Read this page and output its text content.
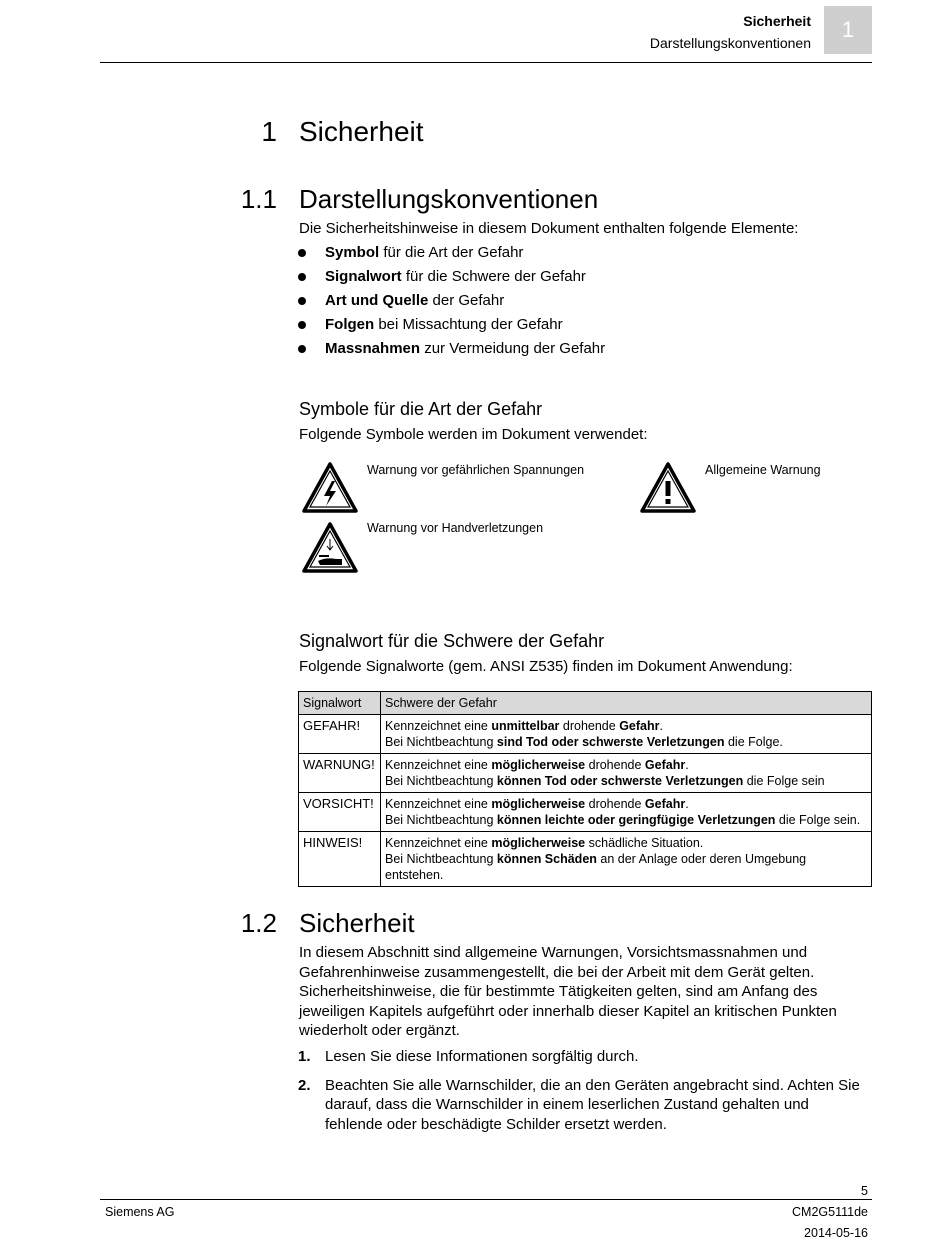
Sicherheit
Darstellungskonventionen
1
1 Sicherheit
1.1 Darstellungskonventionen
Die Sicherheitshinweise in diesem Dokument enthalten folgende Elemente:
Symbol für die Art der Gefahr
Signalwort für die Schwere der Gefahr
Art und Quelle der Gefahr
Folgen bei Missachtung der Gefahr
Massnahmen zur Vermeidung der Gefahr
Symbole für die Art der Gefahr
Folgende Symbole werden im Dokument verwendet:
Warnung vor gefährlichen Spannungen	Allgemeine Warnung
Warnung vor Handverletzungen
Signalwort für die Schwere der Gefahr
Folgende Signalworte (gem. ANSI Z535) finden im Dokument Anwendung:
Signalwort	Schwere der Gefahr
GEFAHR!	Kennzeichnet eine unmittelbar drohende Gefahr.
Bei Nichtbeachtung sind Tod oder schwerste Verletzungen die Folge.

WARNUNG!	Kennzeichnet eine möglicherweise drohende Gefahr.
Bei Nichtbeachtung können Tod oder schwerste Verletzungen die Folge sein

VORSICHT!	Kennzeichnet eine möglicherweise drohende Gefahr.
Bei Nichtbeachtung können leichte oder geringfügige Verletzungen die Folge sein.

HINWEIS!	Kennzeichnet eine möglicherweise schädliche Situation.
Bei Nichtbeachtung können Schäden an der Anlage oder deren Umgebung entstehen.
1.2 Sicherheit
In diesem Abschnitt sind allgemeine Warnungen, Vorsichtsmassnahmen und Gefahrenhinweise zusammengestellt, die bei der Arbeit mit dem Gerät gelten. Sicherheitshinweise, die für bestimmte Tätigkeiten gelten, sind am Anfang des jeweiligen Kapitels aufgeführt oder innerhalb dieser Kapitel an kritischen Punkten wiederholt oder ergänzt.
1. Lesen Sie diese Informationen sorgfältig durch.
2. Beachten Sie alle Warnschilder, die an den Geräten angebracht sind. Achten Sie darauf, dass die Warnschilder in einem leserlichen Zustand gehalten und fehlende oder beschädigte Schilder ersetzt werden.
5
Siemens AG	CM2G5111de
2014-05-16
